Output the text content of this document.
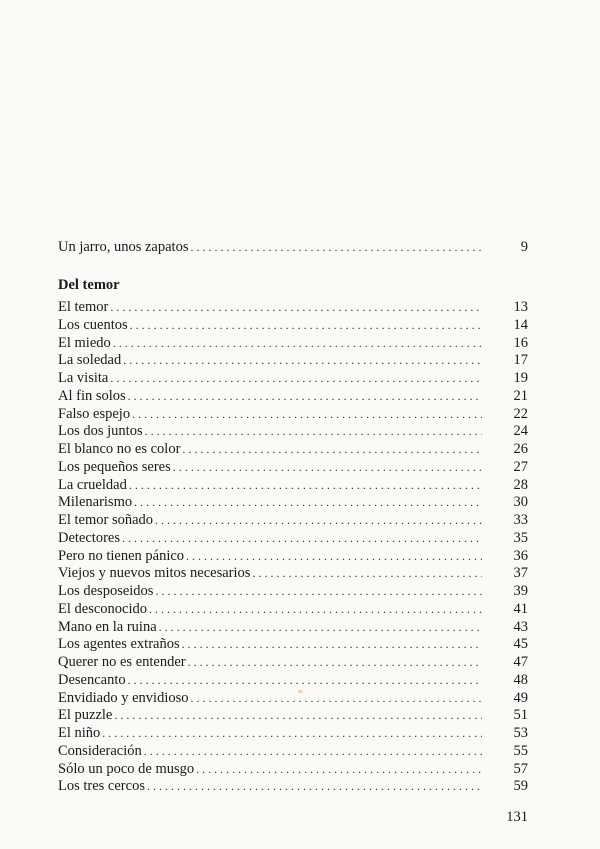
Un jarro, unos zapatos . . .	9
Del temor
El temor . . .	13
Los cuentos . . .	14
El miedo . . .	16
La soledad . . .	17
La visita . . .	19
Al fin solos . . .	21
Falso espejo . . .	22
Los dos juntos . . .	24
El blanco no es color . . .	26
Los pequeños seres . . .	27
La crueldad . . .	28
Milenarismo . . .	30
El temor soñado . . .	33
Detectores . . .	35
Pero no tienen pánico . . .	36
Viejos y nuevos mitos necesarios . . .	37
Los desposeidos . . .	39
El desconocido . . .	41
Mano en la ruina . . .	43
Los agentes extraños . . .	45
Querer no es entender . . .	47
Desencanto . . .	48
Envidiado y envidioso . . .	49
El puzzle . . .	51
El niño . . .	53
Consideración . . .	55
Sólo un poco de musgo . . .	57
Los tres cercos . . .	59
131
